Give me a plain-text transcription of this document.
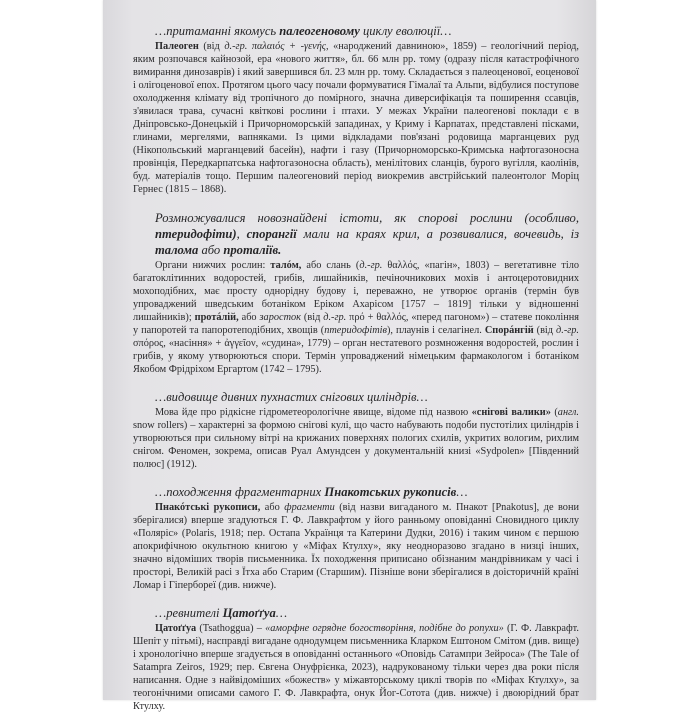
…притаманні якомусь палеогеновому циклу еволюції…

Палеоген (від д.-гр. παλαιός + -γενής, «народжений давниною», 1859) – геологічний період, яким розпочався кайнозой, ера «нового життя», бл. 66 млн рр. тому (одразу після катастрофічного вимирання динозаврів) і який завершився бл. 23 млн рр. тому. Складається з палеоценової, еоценової і олігоценової епох. Протягом цього часу почали формуватися Гімалаї та Альпи, відбулися поступове охолодження клімату від тропічного до помірного, значна диверсифікація та поширення ссавців, з'явилася трава, сучасні квіткові рослини і птахи. У межах України палеогенові поклади є в Дніпровсько-Донецькій і Причорноморській западинах, у Криму і Карпатах, представлені пісками, глинами, мергелями, вапняками. Із цими відкладами пов'язані родовища марганцевих руд (Нікопольський марганцевий басейн), нафти і газу (Причорноморсько-Кримська нафтогазоносна провінція, Передкарпатська нафтогазоносна область), менілітових сланців, бурого вугілля, каолінів, буд. матеріалів тощо. Першим палеогеновий період виокремив австрійський палеонтолог Моріц Гернес (1815 – 1868).

Розмножувалися новознайдені істоти, як спорові рослини (особливо, птеридофіти), спорангії мали на краях крил, а розвивалися, вочевидь, із талома або проталіїв.

Органи нижчих рослин: талóм, або слань (д.-гр. θαλλός, «пагін», 1803) – вегетативне тіло багатоклітинних водоростей, грибів, лишайників, печіночникових мохів і антоцеротовидних мохоподібних, має просту однорідну будову і, переважно, не утворює органів (термін був упроваджений шведським ботаніком Еріком Ахарісом [1757 – 1819] тільки у відношенні лишайників); протáлій, або заросток (від д.-гр. πρό + θαλλός, «перед пагоном») – статеве покоління у папоротей та папоротеподібних, хвощів (птеридофітів), плаунів і селагінел. Спорáнгій (від д.-гр. σπόρος, «насіння» + ἀγγεῖον, «судина», 1779) – орган нестатевого розмноження водоростей, рослин і грибів, у якому утворюються спори. Термін упроваджений німецьким фармакологом і ботаніком Якобом Фрідріхом Ергартом (1742 – 1795).

…видовище дивних пухнастих снігових циліндрів…

Мова йде про рідкісне гідрометеорологічне явище, відоме під назвою «снігові валики» (англ. snow rollers) – характерні за формою снігові кулі, що часто набувають подоби пустотілих циліндрів і утворюються при сильному вітрі на крижаних поверхнях пологих схилів, укритих вологим, рихлим снігом. Феномен, зокрема, описав Руал Амундсен у документальній книзі «Sydpolen» [Південний полюс] (1912).

…походження фрагментарних Пнакотських рукописів…

Пнакóтські рукописи, або фрагменти (від назви вигаданого м. Пнакот [Pnakotus], де вони зберігалися) вперше згадуються Г. Ф. Лавкрафтом у його ранньому оповіданні Сновидного циклу «Поляріс» (Polaris, 1918; пер. Остапа Українця та Катерини Дудки, 2016) і таким чином є першою апокрифічною окультною книгою у «Міфах Ктулху», яку неодноразово згадано в низці інших, значно відоміших творів письменника. Їх походження приписано обізнаним мандрівникам у часі і просторі, Великій расі з Їтха або Старим (Старшим). Пізніше вони зберігалися в доісторичній країні Ломар і Гіпербореї (див. нижче).

…ревнителі Цатоґґуа…

Цатоґґуа (Tsathoggua) – «аморфне огрядне богостворіння, подібне до ропухи» (Г. Ф. Лавкрафт. Шепіт у пітьмі), насправді вигадане однодумцем письменника Кларком Ештоном Смітом (див. вище) і хронологічно вперше згадується в оповіданні останнього «Оповідь Сатампри Зейроса» (The Tale of Satampra Zeiros, 1929; пер. Євгена Онуфрієнка, 2023), надрукованому тільки через два роки після написання. Одне з найвідоміших «божеств» у міжавторському циклі творів по «Міфах Ктулху», за теогонічними описами самого Г. Ф. Лавкрафта, онук Йог-Сотота (див. нижче) і двоюрідний брат Ктулху.
